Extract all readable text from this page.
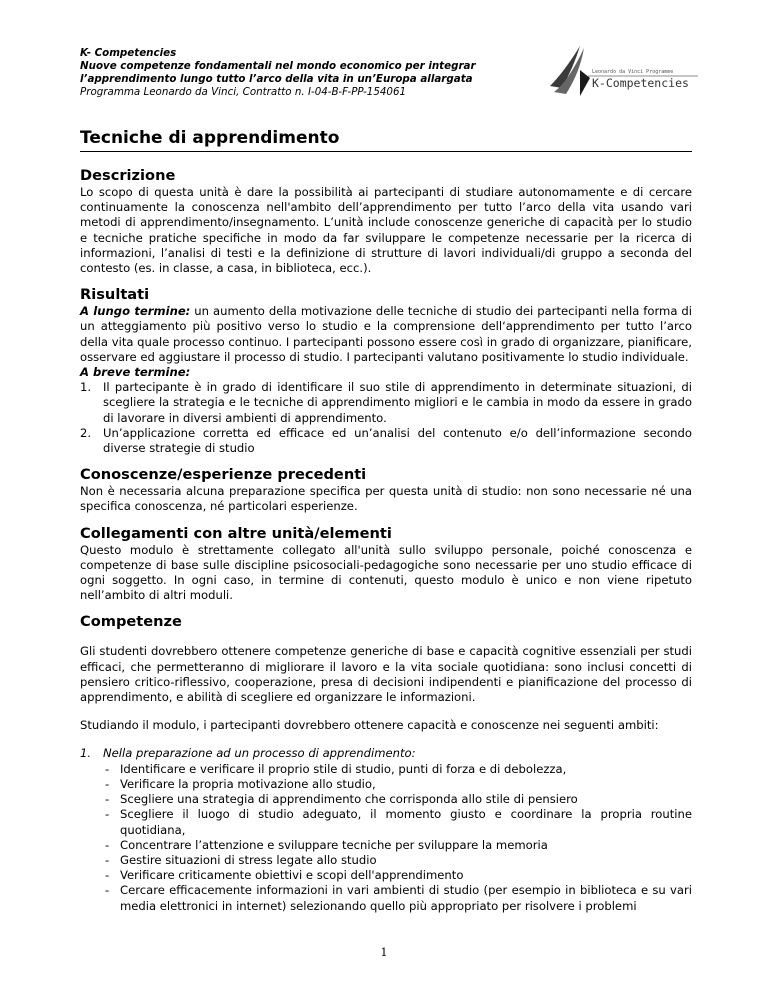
K- Competencies
Nuove competenze fondamentali nel mondo economico per integrar
l’apprendimento lungo tutto l’arco della vita in un’Europa allargata
Programma Leonardo da Vinci, Contratto n. I-04-B-F-PP-154061
Leonardo da Vinci Programme
K-Competencies
Tecniche di apprendimento
Descrizione

Lo scopo di questa unità è dare la possibilità ai partecipanti di studiare autonomamente e di cercare continuamente la conoscenza nell'ambito dell’apprendimento per tutto l’arco della vita usando vari metodi di apprendimento/insegnamento. L’unità include conoscenze generiche di capacità per lo studio e tecniche pratiche specifiche in modo da far sviluppare le competenze necessarie per la ricerca di informazioni, l’analisi di testi e la definizione di strutture di lavori individuali/di gruppo a seconda del contesto (es. in classe, a casa, in biblioteca, ecc.).

Risultati

A lungo termine: un aumento della motivazione delle tecniche di studio dei partecipanti nella forma di un atteggiamento più positivo verso lo studio e la comprensione dell‘apprendimento per tutto l’arco della vita quale processo continuo. I partecipanti possono essere così in grado di organizzare, pianificare, osservare ed aggiustare il processo di studio. I partecipanti valutano positivamente lo studio individuale.

A breve termine:

1.	Il partecipante è in grado di identificare il suo stile di apprendimento in determinate situazioni, di scegliere la strategia e le tecniche di apprendimento migliori e le cambia in modo da essere in grado di lavorare in diversi ambienti di apprendimento.
2.	Un’applicazione corretta ed efficace ed un’analisi del contenuto e/o dell’informazione secondo diverse strategie di studio
Conoscenze/esperienze precedenti

Non è necessaria alcuna preparazione specifica per questa unità di studio: non sono necessarie né una specifica conoscenza, né particolari esperienze.

Collegamenti con altre unità/elementi

Questo modulo è strettamente collegato all'unità sullo sviluppo personale, poiché conoscenza e competenze di base sulle discipline psicosociali-pedagogiche sono necessarie per uno studio efficace di ogni soggetto. In ogni caso, in termine di contenuti, questo modulo è unico e non viene ripetuto nell’ambito di altri moduli.

Competenze

Gli studenti dovrebbero ottenere competenze generiche di base e capacità cognitive essenziali per studi efficaci, che permetteranno di migliorare il lavoro e la vita sociale quotidiana: sono inclusi concetti di pensiero critico-riflessivo, cooperazione, presa di decisioni indipendenti e pianificazione del processo di apprendimento, e abilità di scegliere ed organizzare le informazioni.

Studiando il modulo, i partecipanti dovrebbero ottenere capacità e conoscenze nei seguenti ambiti:

1.	Nella preparazione ad un processo di apprendimento:
- Identificare e verificare il proprio stile di studio, punti di forza e di debolezza,
- Verificare la propria motivazione allo studio,
- Scegliere una strategia di apprendimento che corrisponda allo stile di pensiero
- Scegliere il luogo di studio adeguato, il momento giusto e coordinare la propria routine quotidiana,
- Concentrare l’attenzione e sviluppare tecniche per sviluppare la memoria
- Gestire situazioni di stress legate allo studio
- Verificare criticamente obiettivi e scopi dell'apprendimento
- Cercare efficacemente informazioni in vari ambienti di studio (per esempio in biblioteca e su vari media elettronici in internet) selezionando quello più appropriato per risolvere i problemi
1
